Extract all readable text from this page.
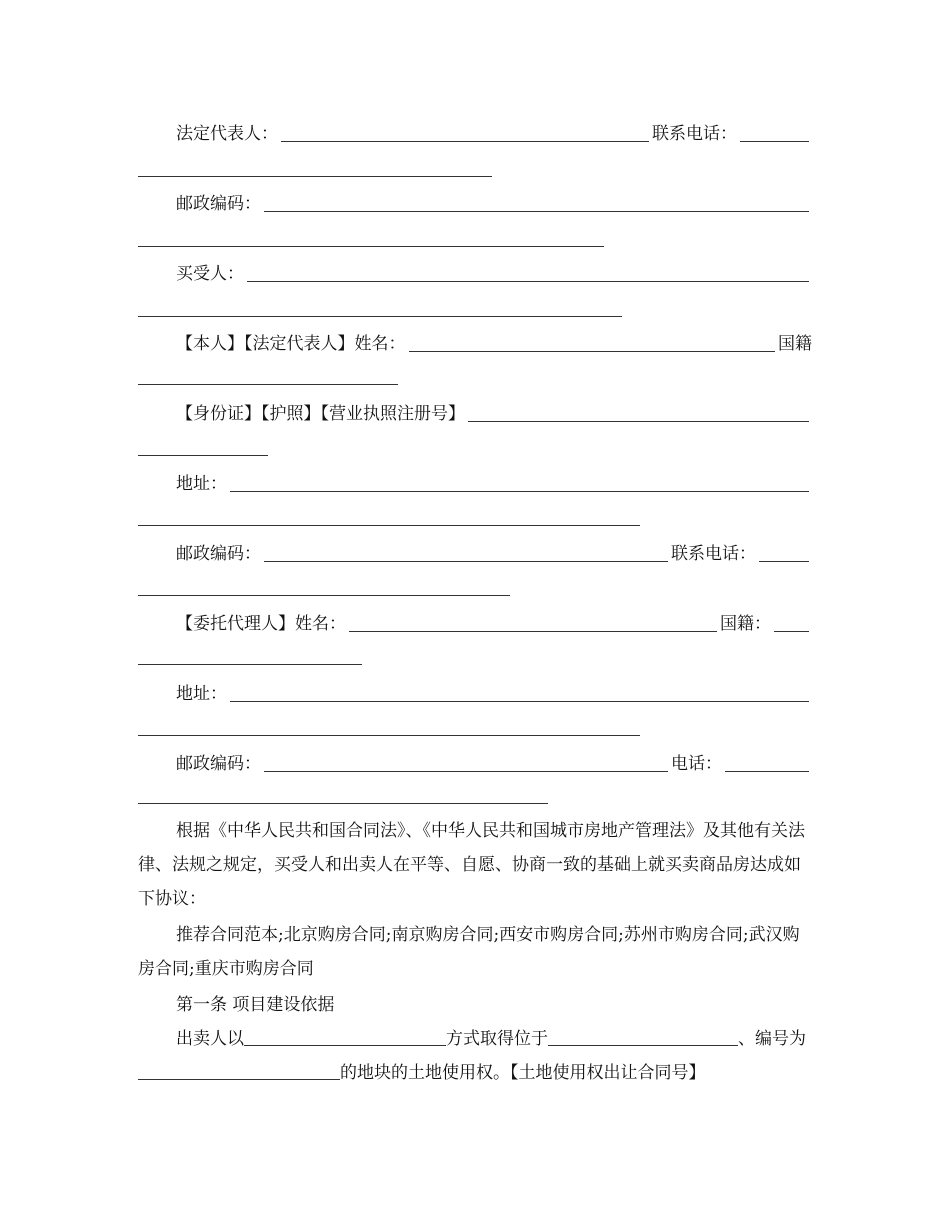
法定代表人：	联系电话：
邮政编码：
买受人：
【本人】【法定代表人】姓名：	国籍
【身份证】【护照】【营业执照注册号】
地址：
邮政编码：	联系电话：
【委托代理人】姓名：	国籍：
地址：
邮政编码：	电话：
根据《中华人民共和国合同法》、《中华人民共和国城市房地产管理法》及其他有关法律、法规之规定，买受人和出卖人在平等、自愿、协商一致的基础上就买卖商品房达成如下协议：
推荐合同范本;北京购房合同;南京购房合同;西安市购房合同;苏州市购房合同;武汉购房合同;重庆市购房合同
第一条 项目建设依据
出卖人以	方式取得位于	、编号为的地块的土地使用权。【土地使用权出让合同号】
